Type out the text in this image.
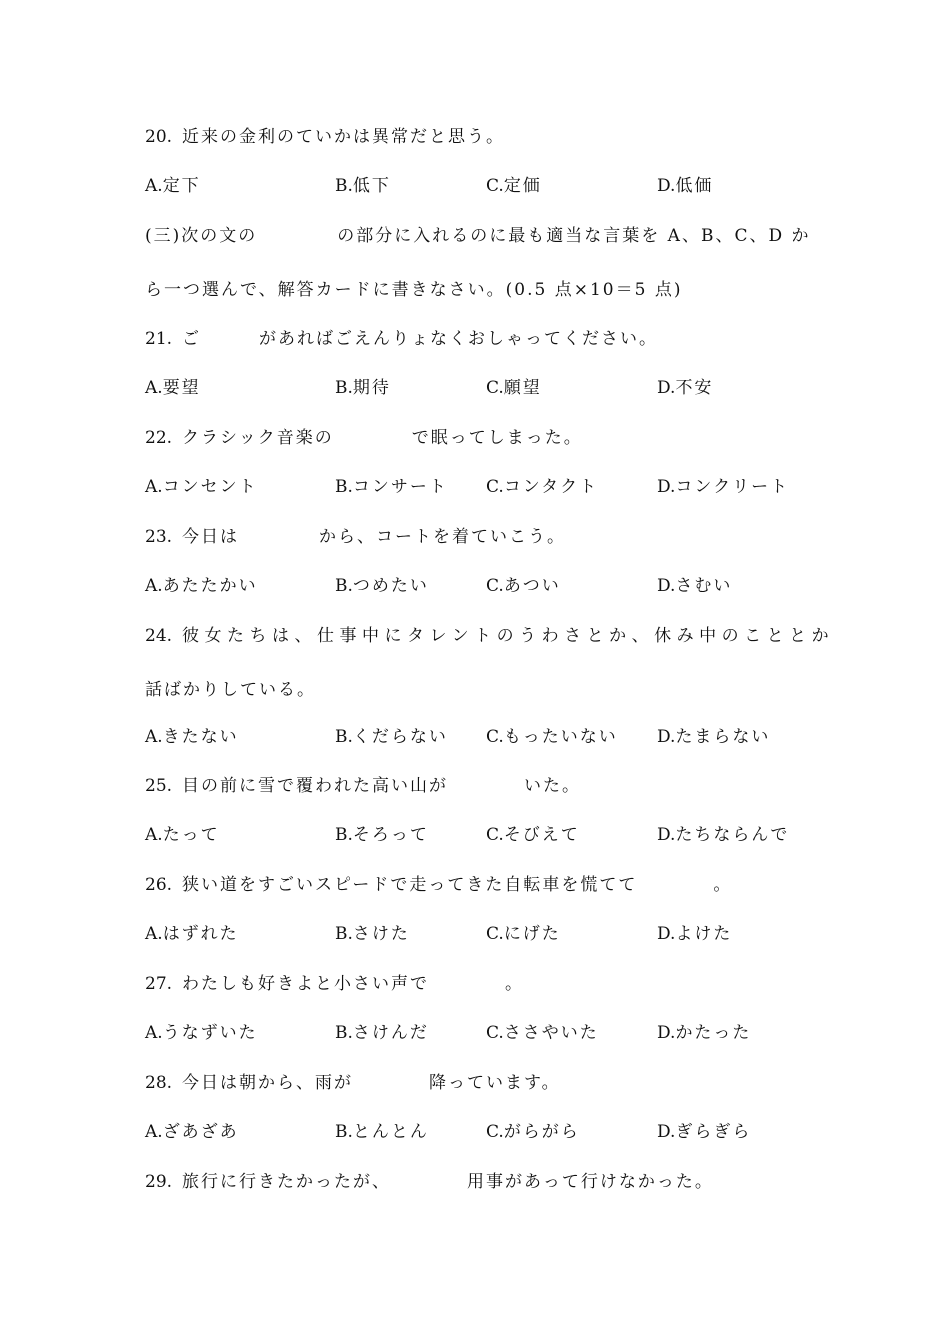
20. 近来の金利のていかは異常だと思う。
A.定下	B.低下	C.定価	D.低価
(三)次の文の	の部分に入れるのに最も適当な言葉を A、B、C、D か
ら一つ選んで、解答カードに書きなさい。(0.5 点×10＝5 点)
21. ご	があればごえんりょなくおしゃってください。
A.要望	B.期待	C.願望	D.不安
22. クラシック音楽の	で眠ってしまった。
A.コンセント	B.コンサート C.コンタクト	D.コンクリート
23. 今日は	から、コートを着ていこう。
A.あたたかい	B.つめたい	C.あつい	D.さむい
24. 彼女たちは、仕事中にタレントのうわさとか、休み中のこととか
話ばかりしている。
A.きたない	B.くだらない C.もったいない D.たまらない
25. 目の前に雪で覆われた高い山が	いた。
A.たって	B.そろって	C.そびえて	D.たちならんで
26. 狭い道をすごいスピードで走ってきた自転車を慌てて	。
A.はずれた	B.さけた	C.にげた	D.よけた
27. わたしも好きよと小さい声で	。
A.うなずいた	B.さけんだ	C.ささやいた	D.かたった
28. 今日は朝から、雨が	降っています。
A.ざあざあ	B.とんとん	C.がらがら	D.ぎらぎら
29. 旅行に行きたかったが、	用事があって行けなかった。
